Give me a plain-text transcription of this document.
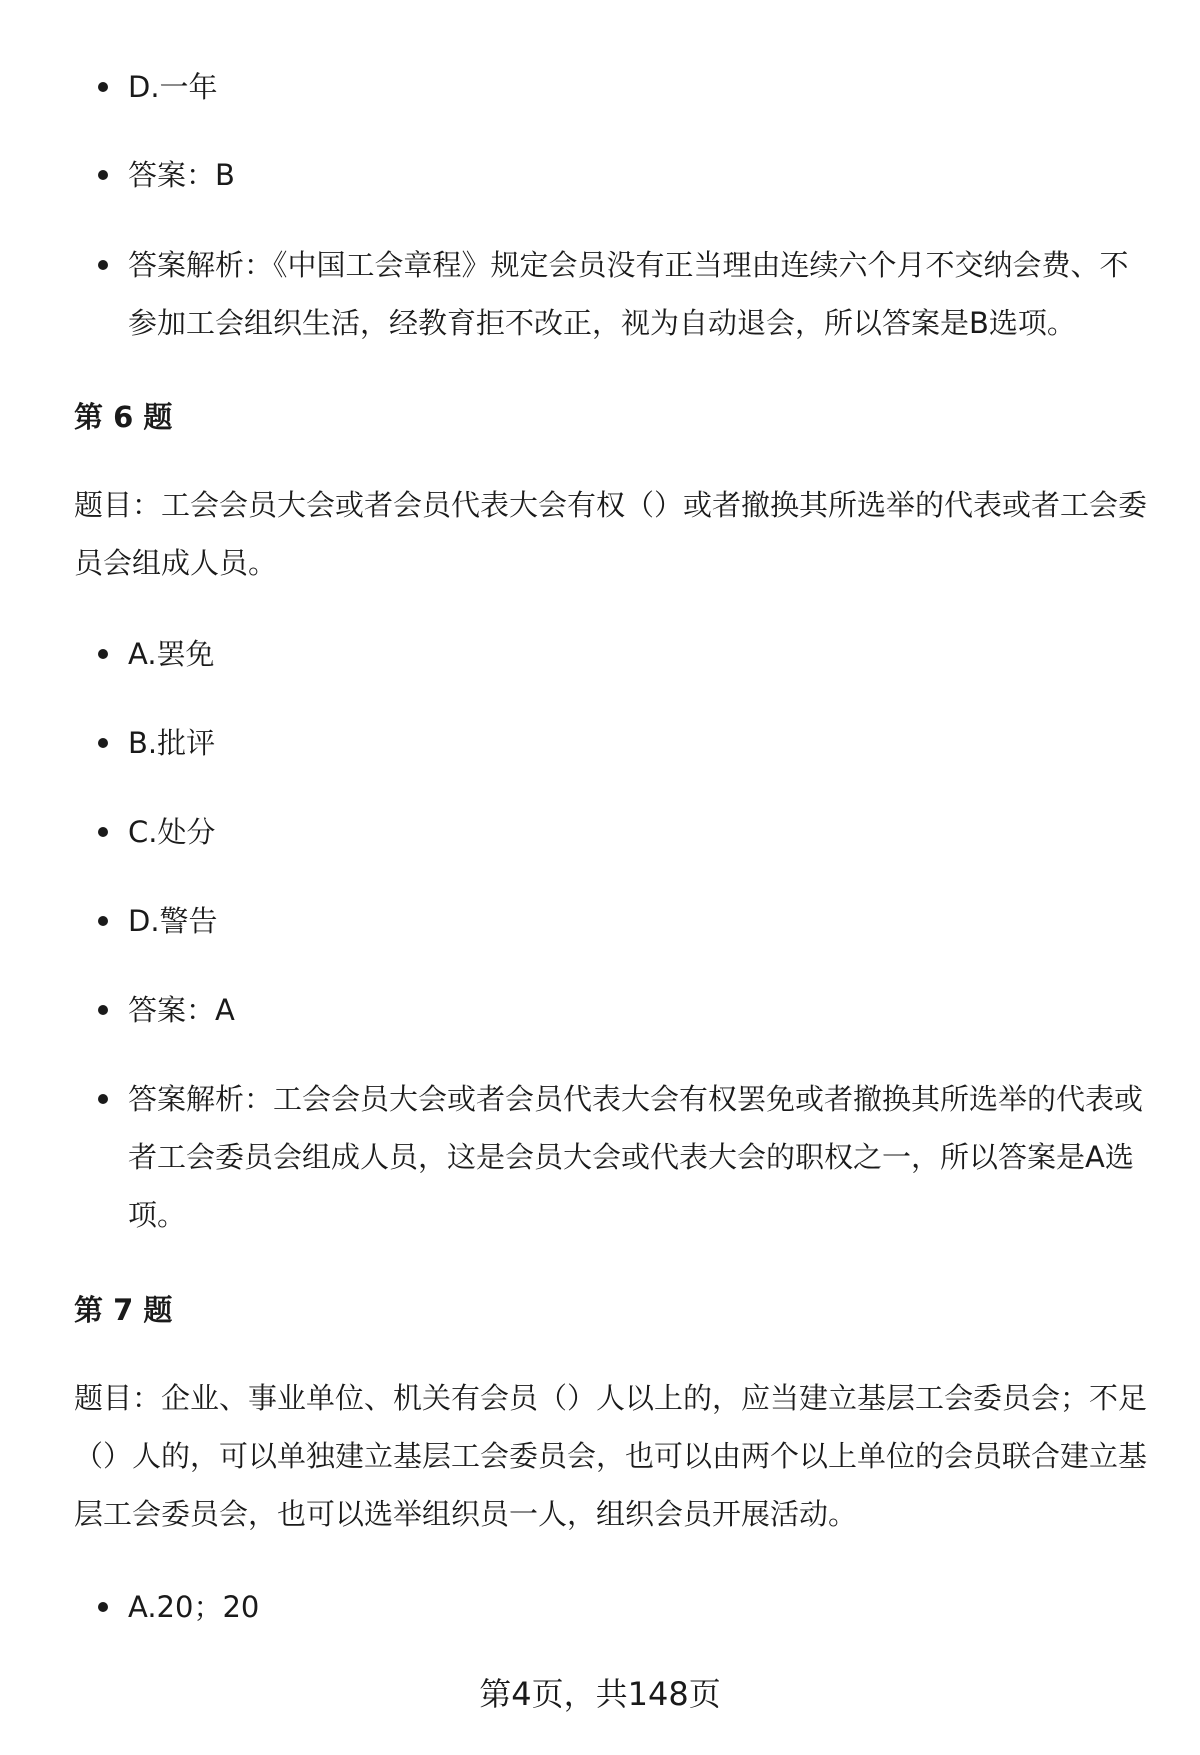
D.一年
答案：B
答案解析：《中国工会章程》规定会员没有正当理由连续六个月不交纳会费、不参加工会组织生活，经教育拒不改正，视为自动退会，所以答案是B选项。
第 6 题
题目：工会会员大会或者会员代表大会有权（）或者撤换其所选举的代表或者工会委员会组成人员。
A.罢免
B.批评
C.处分
D.警告
答案：A
答案解析：工会会员大会或者会员代表大会有权罢免或者撤换其所选举的代表或者工会委员会组成人员，这是会员大会或代表大会的职权之一，所以答案是A选项。
第 7 题
题目：企业、事业单位、机关有会员（）人以上的，应当建立基层工会委员会；不足（）人的，可以单独建立基层工会委员会，也可以由两个以上单位的会员联合建立基层工会委员会，也可以选举组织员一人，组织会员开展活动。
A.20；20
第4页，共148页
